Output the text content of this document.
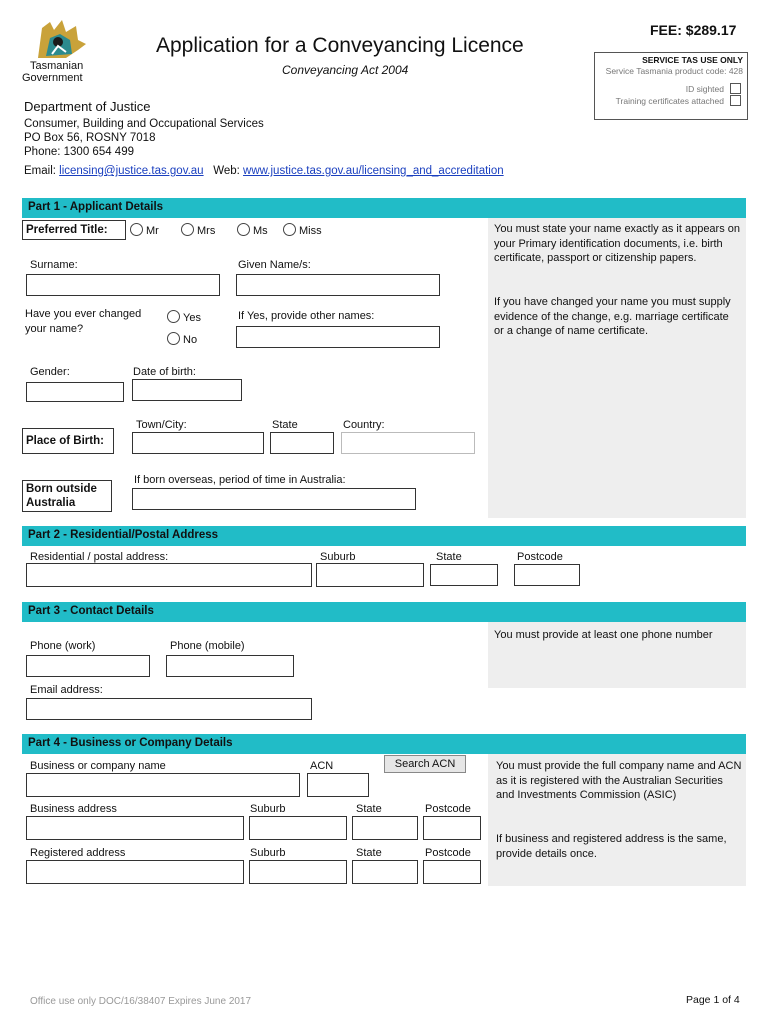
Tasmanian
Government
Application for a Conveyancing Licence
Conveyancing Act 2004
FEE: $289.17
SERVICE TAS USE ONLY
Service Tasmania product code: 428
ID sighted
Training certificates attached
Department of Justice
Consumer, Building and Occupational Services
PO Box 56, ROSNY 7018
Phone: 1300 654 499
Email: licensing@justice.tas.gov.au Web: www.justice.tas.gov.au/licensing_and_accreditation
Part 1 - Applicant Details
You must state your name exactly as it appears on your Primary identification documents, i.e. birth certificate, passport or citizenship papers.
If you have changed your name you must supply evidence of the change, e.g. marriage certificate or a change of name certificate.
Preferred Title:	Mr	Mrs	Ms	Miss
Surname:	Given Name/s:
Have you ever changed your name?
Yes
No
If Yes, provide other names:
Gender:	Date of birth:
Town/City:	State	Country:
Place of Birth:
If born overseas, period of time in Australia:
Born outside Australia
Part 2 - Residential/Postal Address
Residential / postal address:	Suburb	State	Postcode
Part 3 - Contact Details
You must provide at least one phone number
Phone (work)	Phone (mobile)
Email address:
Part 4 - Business or Company Details
You must provide the full company name and ACN as it is registered with the Australian Securities and Investments Commission (ASIC)
If business and registered address is the same, provide details once.
Business or company name	ACN	Search ACN
Business address	Suburb	State	Postcode
Registered address	Suburb	State	Postcode
Office use only DOC/16/38407 Expires June 2017	Page 1 of 4
